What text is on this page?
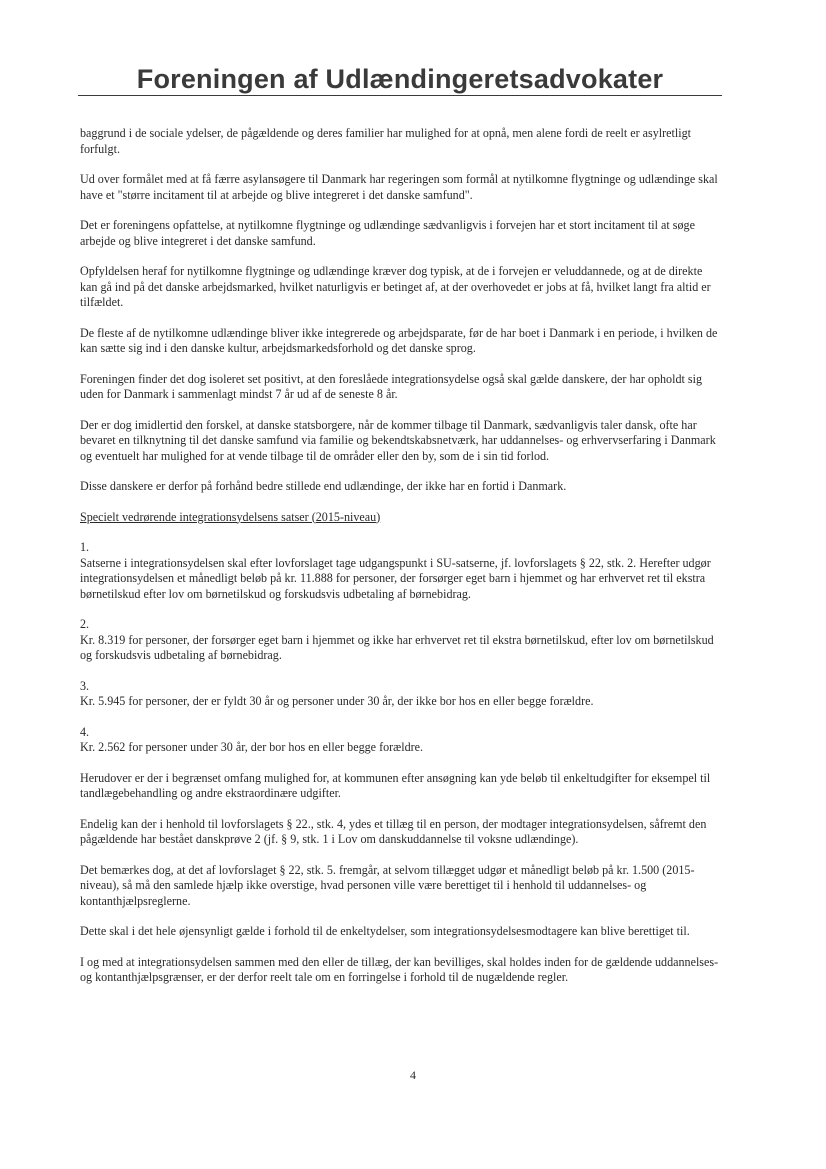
Foreningen af Udlændingeretsadvokater

baggrund i de sociale ydelser, de pågældende og deres familier har mulighed for at opnå, men alene fordi de reelt er asylretligt forfulgt.

Ud over formålet med at få færre asylansøgere til Danmark har regeringen som formål at nytilkomne flygtninge og udlændinge skal have et "større incitament til at arbejde og blive integreret i det danske samfund".

Det er foreningens opfattelse, at nytilkomne flygtninge og udlændinge sædvanligvis i forvejen har et stort incitament til at søge arbejde og blive integreret i det danske samfund.

Opfyldelsen heraf for nytilkomne flygtninge og udlændinge kræver dog typisk, at de i forvejen er veluddannede, og at de direkte kan gå ind på det danske arbejdsmarked, hvilket naturligvis er betinget af, at der overhovedet er jobs at få, hvilket langt fra altid er tilfældet.

De fleste af de nytilkomne udlændinge bliver ikke integrerede og arbejdsparate, før de har boet i Danmark i en periode, i hvilken de kan sætte sig ind i den danske kultur, arbejdsmarkedsforhold og det danske sprog.

Foreningen finder det dog isoleret set positivt, at den foreslåede integrationsydelse også skal gælde danskere, der har opholdt sig uden for Danmark i sammenlagt mindst 7 år ud af de seneste 8 år.

Der er dog imidlertid den forskel, at danske statsborgere, når de kommer tilbage til Danmark, sædvanligvis taler dansk, ofte har bevaret en tilknytning til det danske samfund via familie og bekendtskabsnetværk, har uddannelses- og erhvervserfaring i Danmark og eventuelt har mulighed for at vende tilbage til de områder eller den by, som de i sin tid forlod.

Disse danskere er derfor på forhånd bedre stillede end udlændinge, der ikke har en fortid i Danmark.

Specielt vedrørende integrationsydelsens satser (2015-niveau)

1.
Satserne i integrationsydelsen skal efter lovforslaget tage udgangspunkt i SU-satserne, jf. lovforslagets § 22, stk. 2. Herefter udgør integrationsydelsen et månedligt beløb på kr. 11.888 for personer, der forsørger eget barn i hjemmet og har erhvervet ret til ekstra børnetilskud efter lov om børnetilskud og forskudsvis udbetaling af børnebidrag.

2.
Kr. 8.319 for personer, der forsørger eget barn i hjemmet og ikke har erhvervet ret til ekstra børnetilskud, efter lov om børnetilskud og forskudsvis udbetaling af børnebidrag.

3.
Kr. 5.945 for personer, der er fyldt 30 år og personer under 30 år, der ikke bor hos en eller begge forældre.

4.
Kr. 2.562 for personer under 30 år, der bor hos en eller begge forældre.

Herudover er der i begrænset omfang mulighed for, at kommunen efter ansøgning kan yde beløb til enkeltudgifter for eksempel til tandlægebehandling og andre ekstraordinære udgifter.

Endelig kan der i henhold til lovforslagets § 22., stk. 4, ydes et tillæg til en person, der modtager integrationsydelsen, såfremt den pågældende har bestået danskprøve 2 (jf. § 9, stk. 1 i Lov om danskuddannelse til voksne udlændinge).

Det bemærkes dog, at det af lovforslaget § 22, stk. 5. fremgår, at selvom tillægget udgør et månedligt beløb på kr. 1.500 (2015-niveau), så må den samlede hjælp ikke overstige, hvad personen ville være berettiget til i henhold til uddannelses- og kontanthjælpsreglerne.

Dette skal i det hele øjensynligt gælde i forhold til de enkeltydelser, som integrationsydelsesmodtagere kan blive berettiget til.

I og med at integrationsydelsen sammen med den eller de tillæg, der kan bevilliges, skal holdes inden for de gældende uddannelses- og kontanthjælpsgrænser, er der derfor reelt tale om en forringelse i forhold til de nugældende regler.

4
